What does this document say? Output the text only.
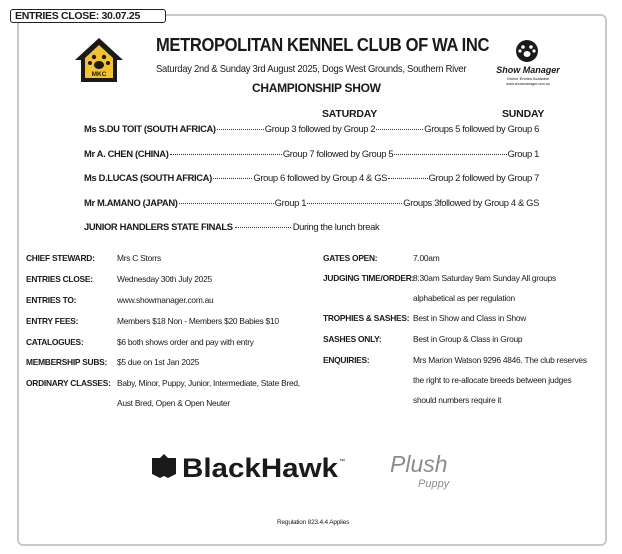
ENTRIES CLOSE: 30.07.25
MKC
METROPOLITAN KENNEL CLUB OF WA INC
Saturday 2nd & Sunday 3rd August 2025, Dogs West Grounds, Southern River
CHAMPIONSHIP SHOW
Show Manager
Online Entries Available
www.showmanager.com.au
SATURDAY	SUNDAY
Ms S.DU TOIT (SOUTH AFRICA)	Group 3 followed by Group 2	Groups 5 followed by Group 6
Mr A. CHEN (CHINA)	Group 7 followed by Group 5	Group 1
Ms D.LUCAS (SOUTH AFRICA)	Group 6 followed by Group 4 & GS	Group 2 followed by Group 7
Mr M.AMANO (JAPAN)	Group 1	Groups 3followed by Group 4 & GS
JUNIOR HANDLERS STATE FINALS	During the lunch break
CHIEF STEWARD:	Mrs C Storrs
ENTRIES CLOSE:	Wednesday 30th July 2025
ENTRIES TO:	www.showmanager.com.au
ENTRY FEES:	Members $18 Non - Members $20 Babies $10
CATALOGUES:	$6 both shows order and pay with entry
MEMBERSHIP SUBS: $5 due on 1st Jan 2025
ORDINARY CLASSES: Baby, Minor, Puppy, Junior, Intermediate, State Bred,
Aust Bred, Open & Open Neuter
GATES OPEN:	7.00am
JUDGING TIME/ORDER:
8:30am Saturday 9am Sunday All groups
alphabetical as per regulation
TROPHIES & SASHES: Best in Show and Class in Show
SASHES ONLY:	Best in Group & Class in Group
ENQUIRIES:	Mrs Marion Watson 9296 4846. The club reserves
the right to re-allocate breeds between judges
should numbers require it
BlackHawk ™ Plush
Puppy
Regulation 823.4.4 Applies
